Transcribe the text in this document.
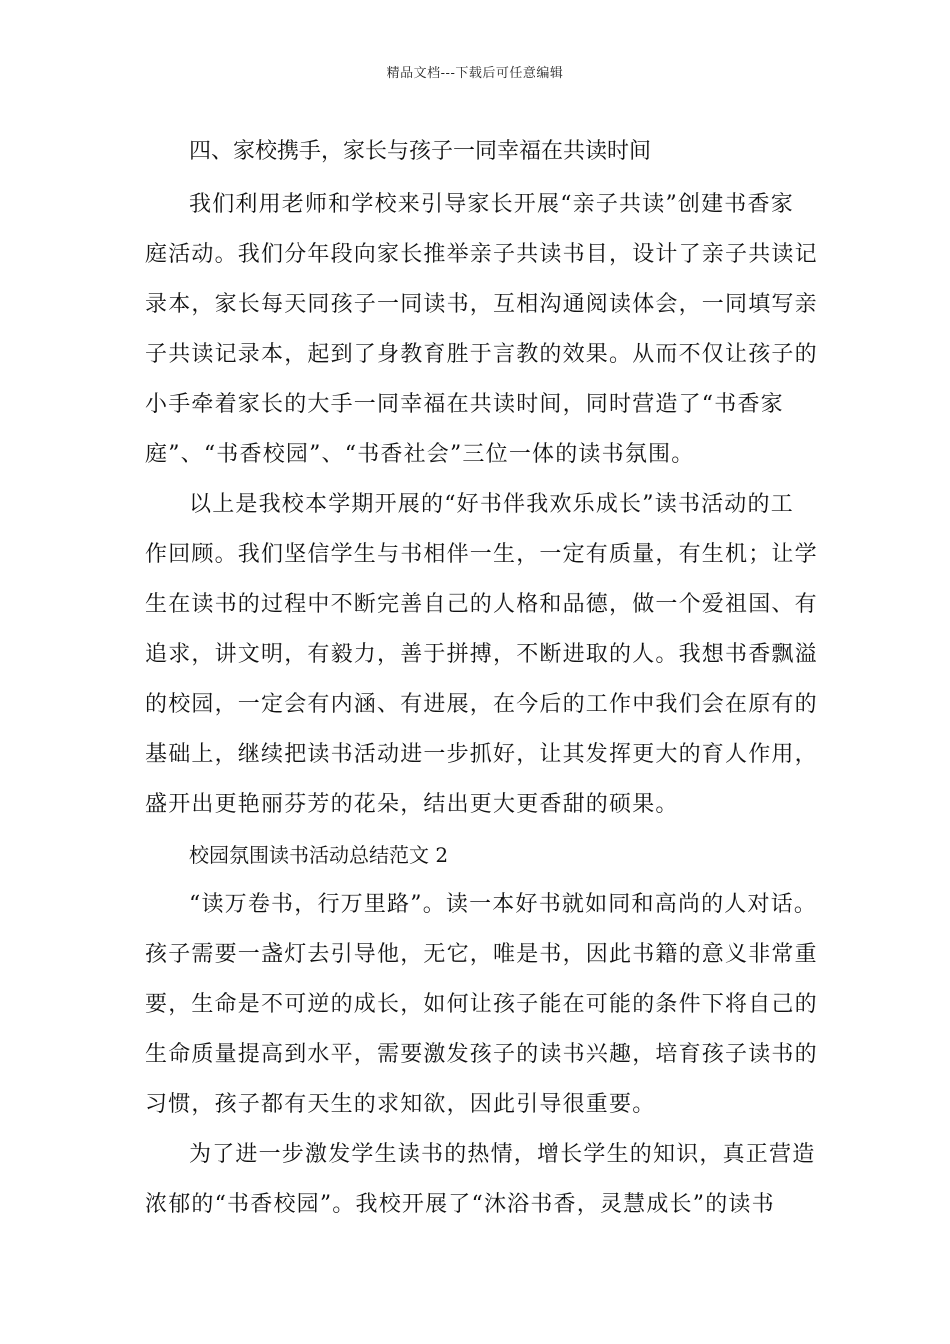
精品文档---下载后可任意编辑
四、家校携手，家长与孩子一同幸福在共读时间
我们利用老师和学校来引导家长开展“亲子共读”创建书香家
庭活动。我们分年段向家长推举亲子共读书目，设计了亲子共读记
录本，家长每天同孩子一同读书，互相沟通阅读体会，一同填写亲
子共读记录本，起到了身教育胜于言教的效果。从而不仅让孩子的
小手牵着家长的大手一同幸福在共读时间，同时营造了“书香家
庭”、“书香校园”、“书香社会”三位一体的读书氛围。
以上是我校本学期开展的“好书伴我欢乐成长”读书活动的工
作回顾。我们坚信学生与书相伴一生，一定有质量，有生机；让学
生在读书的过程中不断完善自己的人格和品德，做一个爱祖国、有
追求，讲文明，有毅力，善于拼搏，不断进取的人。我想书香飘溢
的校园，一定会有内涵、有进展，在今后的工作中我们会在原有的
基础上，继续把读书活动进一步抓好，让其发挥更大的育人作用，
盛开出更艳丽芬芳的花朵，结出更大更香甜的硕果。
校园氛围读书活动总结范文 2
“读万卷书，行万里路”。读一本好书就如同和高尚的人对话。
孩子需要一盏灯去引导他，无它，唯是书，因此书籍的意义非常重
要，生命是不可逆的成长，如何让孩子能在可能的条件下将自己的
生命质量提高到水平，需要激发孩子的读书兴趣，培育孩子读书的
习惯，孩子都有天生的求知欲，因此引导很重要。
为了进一步激发学生读书的热情，增长学生的知识，真正营造
浓郁的“书香校园”。我校开展了“沐浴书香，灵慧成长”的读书
